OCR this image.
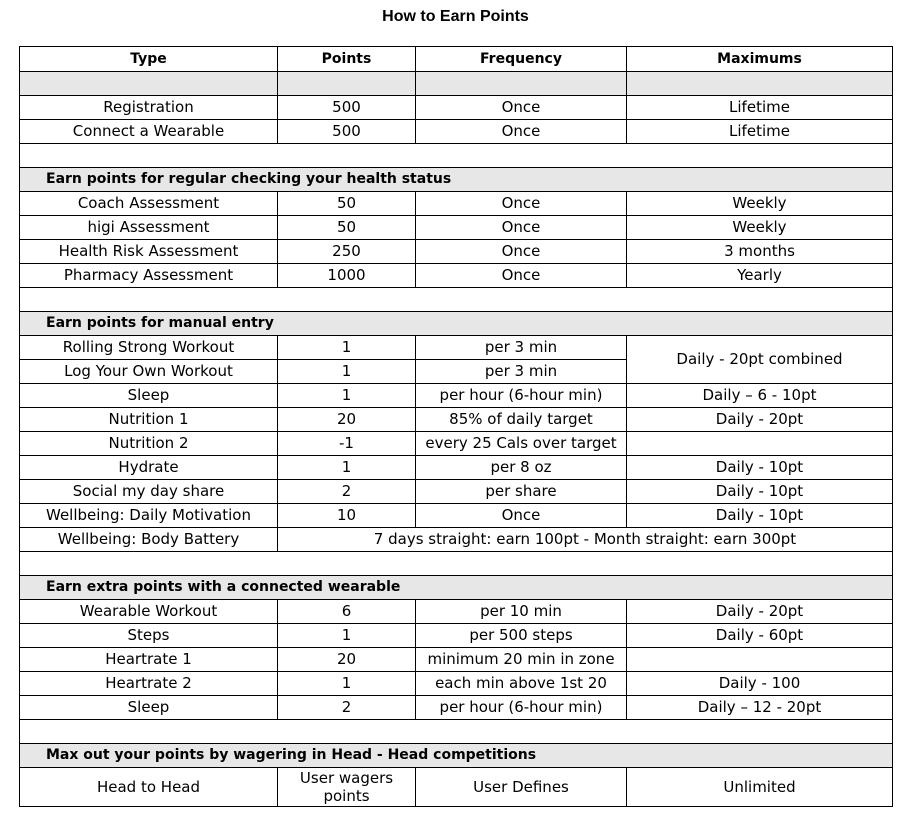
How to Earn Points
Type	Points	Frequency	Maximums

Registration	500	Once	Lifetime
Connect a Wearable	500	Once	Lifetime

Earn points for regular checking your health status			
Coach Assessment	50	Once	Weekly
higi Assessment	50	Once	Weekly
Health Risk Assessment	250	Once	3 months
Pharmacy Assessment	1000	Once	Yearly

Earn points for manual entry			
Rolling Strong Workout	1	per 3 min	Daily - 20pt combined
Log Your Own Workout	1	per 3 min	
Sleep	1	per hour (6-hour min)	Daily – 6 - 10pt
Nutrition 1	20	85% of daily target	Daily - 20pt
Nutrition 2	-1	every 25 Cals over target	
Hydrate	1	per 8 oz	Daily - 10pt
Social my day share	2	per share	Daily - 10pt
Wellbeing: Daily Motivation	10	Once	Daily - 10pt
Wellbeing: Body Battery	7 days straight: earn 100pt - Month straight: earn 300pt		

Earn extra points with a connected wearable			
Wearable Workout	6	per 10 min	Daily - 20pt
Steps	1	per 500 steps	Daily - 60pt
Heartrate 1	20	minimum 20 min in zone	
Heartrate 2	1	each min above 1st 20	Daily - 100
Sleep	2	per hour (6-hour min)	Daily – 12 - 20pt

Max out your points by wagering in Head - Head competitions			
Head to Head	User wagers points	User Defines	Unlimited
